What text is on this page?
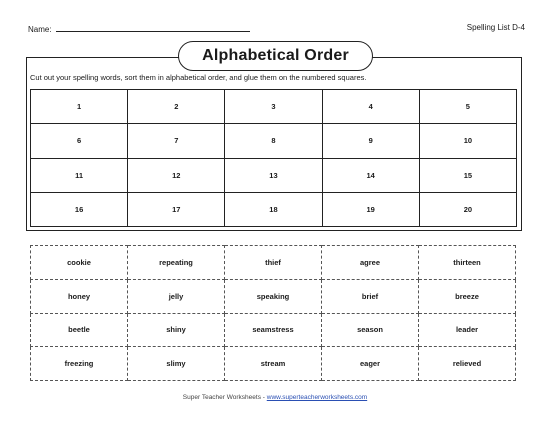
Name:	Spelling List D-4
Alphabetical Order
Cut out your spelling words, sort them in alphabetical order, and glue them on the numbered squares.
1	2	3	4	5
6	7	8	9	10
11	12	13	14	15
16	17	18	19	20
cookie	repeating	thief	agree	thirteen
honey	jelly	speaking	brief	breeze
beetle	shiny	seamstress	season	leader
freezing	slimy	stream	eager	relieved
Super Teacher Worksheets - www.superteacherworksheets.com
